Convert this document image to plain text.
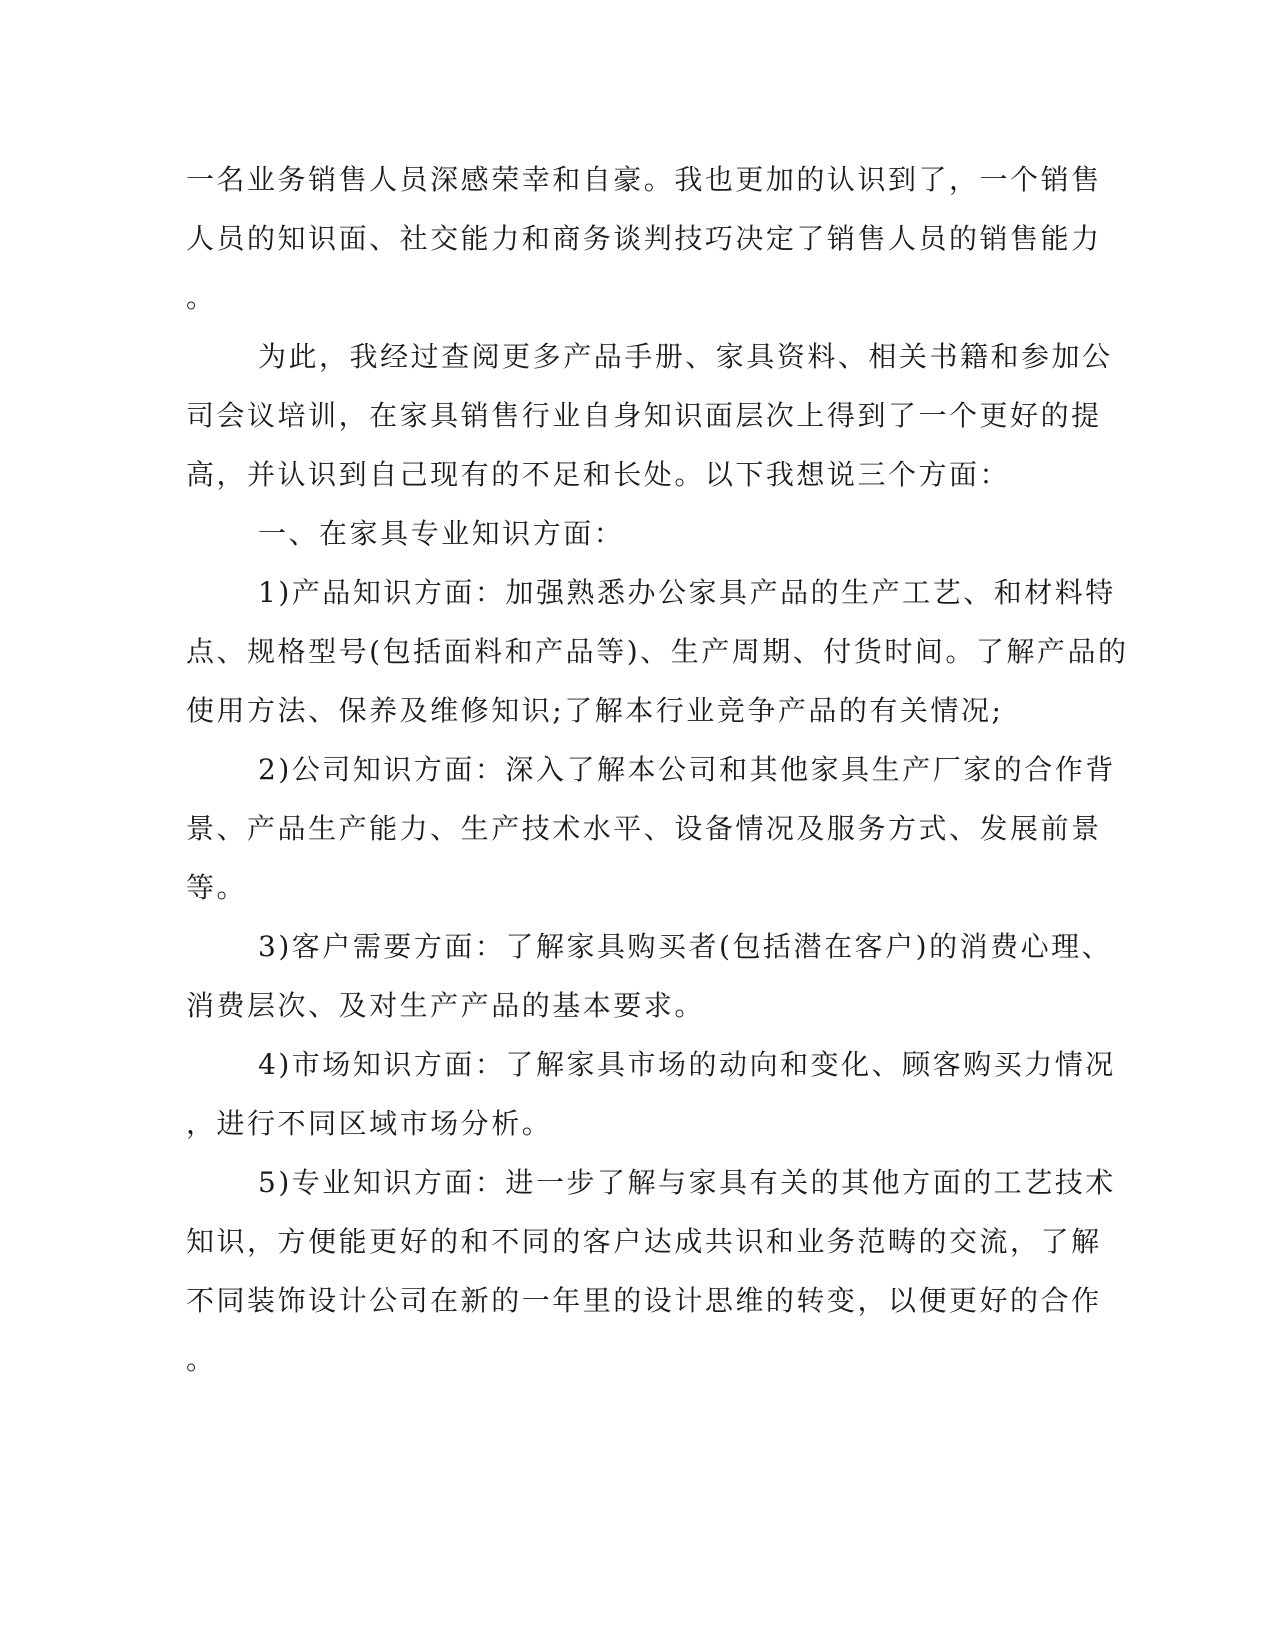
一名业务销售人员深感荣幸和自豪。我也更加的认识到了，一个销售
人员的知识面、社交能力和商务谈判技巧决定了销售人员的销售能力
。
为此，我经过查阅更多产品手册、家具资料、相关书籍和参加公
司会议培训，在家具销售行业自身知识面层次上得到了一个更好的提
高，并认识到自己现有的不足和长处。以下我想说三个方面：
一、在家具专业知识方面：
1)产品知识方面：加强熟悉办公家具产品的生产工艺、和材料特
点、规格型号(包括面料和产品等)、生产周期、付货时间。了解产品的
使用方法、保养及维修知识;了解本行业竞争产品的有关情况;
2)公司知识方面：深入了解本公司和其他家具生产厂家的合作背
景、产品生产能力、生产技术水平、设备情况及服务方式、发展前景
等。
3)客户需要方面：了解家具购买者(包括潜在客户)的消费心理、
消费层次、及对生产产品的基本要求。
4)市场知识方面：了解家具市场的动向和变化、顾客购买力情况
，进行不同区域市场分析。
5)专业知识方面：进一步了解与家具有关的其他方面的工艺技术
知识，方便能更好的和不同的客户达成共识和业务范畴的交流，了解
不同装饰设计公司在新的一年里的设计思维的转变，以便更好的合作
。
